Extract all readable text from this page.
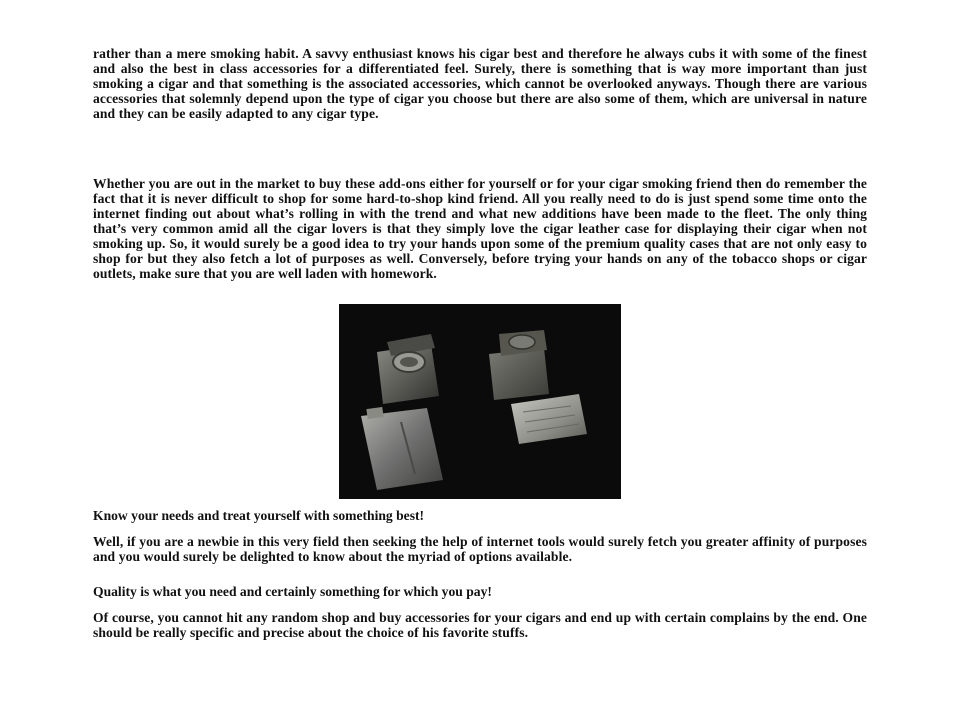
rather than a mere smoking habit. A savvy enthusiast knows his cigar best and therefore he always cubs it with some of the finest and also the best in class accessories for a differentiated feel. Surely, there is something that is way more important than just smoking a cigar and that something is the associated accessories, which cannot be overlooked anyways. Though there are various accessories that solemnly depend upon the type of cigar you choose but there are also some of them, which are universal in nature and they can be easily adapted to any cigar type.

Whether you are out in the market to buy these add-ons either for yourself or for your cigar smoking friend then do remember the fact that it is never difficult to shop for some hard-to-shop kind friend. All you really need to do is just spend some time onto the internet finding out about what’s rolling in with the trend and what new additions have been made to the fleet. The only thing that’s very common amid all the cigar lovers is that they simply love the cigar leather case for displaying their cigar when not smoking up. So, it would surely be a good idea to try your hands upon some of the premium quality cases that are not only easy to shop for but they also fetch a lot of purposes as well. Conversely, before trying your hands on any of the tobacco shops or cigar outlets, make sure that you are well laden with homework.

Know your needs and treat yourself with something best!

Well, if you are a newbie in this very field then seeking the help of internet tools would surely fetch you greater affinity of purposes and you would surely be delighted to know about the myriad of options available.

Quality is what you need and certainly something for which you pay!

Of course, you cannot hit any random shop and buy accessories for your cigars and end up with certain complains by the end. One should be really specific and precise about the choice of his favorite stuffs.
